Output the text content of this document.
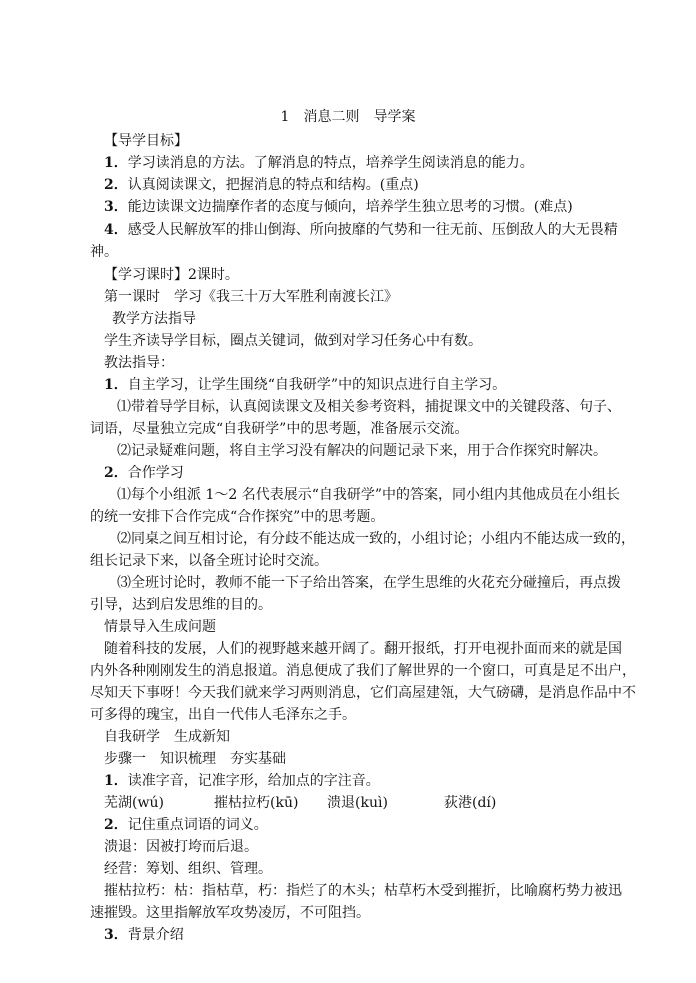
1　消息二则　导学案
【导学目标】
1．学习读消息的方法。了解消息的特点，培养学生阅读消息的能力。
2．认真阅读课文，把握消息的特点和结构。(重点)
3．能边读课文边揣摩作者的态度与倾向，培养学生独立思考的习惯。(难点)
4．感受人民解放军的排山倒海、所向披靡的气势和一往无前、压倒敌人的大无畏精
神。
【学习课时】2课时。
第一课时　学习《我三十万大军胜利南渡长江》
教学方法指导
学生齐读导学目标，圈点关键词，做到对学习任务心中有数。
教法指导：
1．自主学习，让学生围绕“自我研学”中的知识点进行自主学习。
⑴带着导学目标，认真阅读课文及相关参考资料，捕捉课文中的关键段落、句子、
词语，尽量独立完成“自我研学”中的思考题，准备展示交流。
⑵记录疑难问题，将自主学习没有解决的问题记录下来，用于合作探究时解决。
2．合作学习
⑴每个小组派 1～2 名代表展示“自我研学”中的答案，同小组内其他成员在小组长
的统一安排下合作完成“合作探究”中的思考题。
⑵同桌之间互相讨论，有分歧不能达成一致的，小组讨论；小组内不能达成一致的，
组长记录下来，以备全班讨论时交流。
⑶全班讨论时，教师不能一下子给出答案，在学生思维的火花充分碰撞后，再点拨
引导，达到启发思维的目的。
情景导入生成问题
随着科技的发展，人们的视野越来越开阔了。翻开报纸，打开电视扑面而来的就是国
内外各种刚刚发生的消息报道。消息便成了我们了解世界的一个窗口，可真是足不出户，
尽知天下事呀！今天我们就来学习两则消息，它们高屋建瓴，大气磅礴，是消息作品中不
可多得的瑰宝，出自一代伟人毛泽东之手。
自我研学　生成新知
步骤一　知识梳理　夯实基础
1．读准字音，记准字形，给加点的字注音。
芜湖(wú)	摧枯拉朽(kū) 溃退(kuì)	荻港(dí)
2．记住重点词语的词义。
溃退：因被打垮而后退。
经营：筹划、组织、管理。
摧枯拉朽：枯：指枯草，朽：指烂了的木头；枯草朽木受到摧折，比喻腐朽势力被迅
速摧毁。这里指解放军攻势凌厉，不可阻挡。
3．背景介绍
